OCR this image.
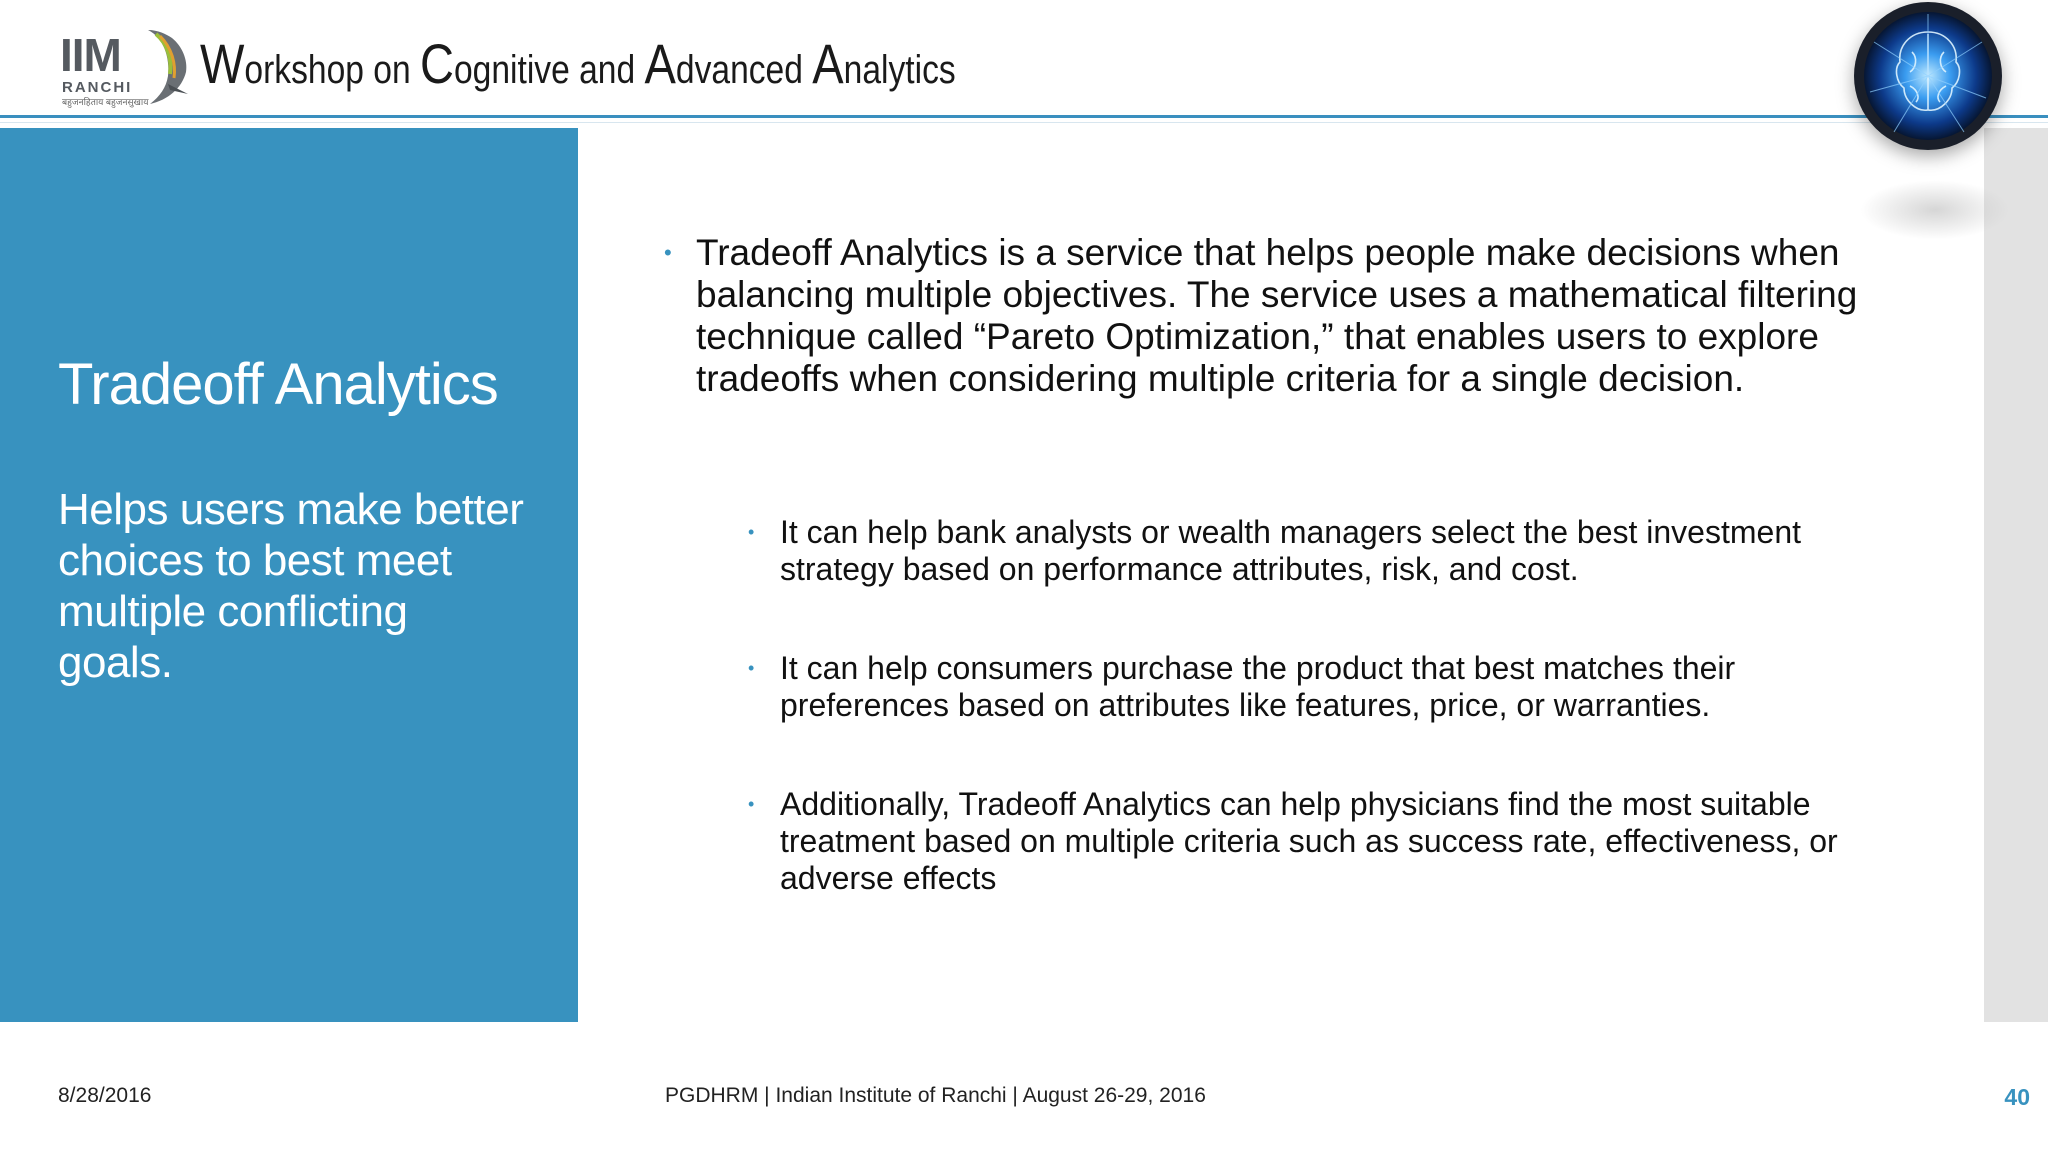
IIM
RANCHI
बहुजनहिताय बहुजनसुखाय
Workshop on Cognitive and Advanced Analytics
Tradeoff Analytics
Helps users make better choices to best meet multiple conflicting goals.
• Tradeoff Analytics is a service that helps people make decisions when balancing multiple objectives. The service uses a mathematical filtering technique called “Pareto Optimization,” that enables users to explore tradeoffs when considering multiple criteria for a single decision.
• It can help bank analysts or wealth managers select the best investment strategy based on performance attributes, risk, and cost.
• It can help consumers purchase the product that best matches their preferences based on attributes like features, price, or warranties.
• Additionally, Tradeoff Analytics can help physicians find the most suitable treatment based on multiple criteria such as success rate, effectiveness, or adverse effects
8/28/2016	PGDHRM | Indian Institute of Ranchi | August 26-29, 2016	40
